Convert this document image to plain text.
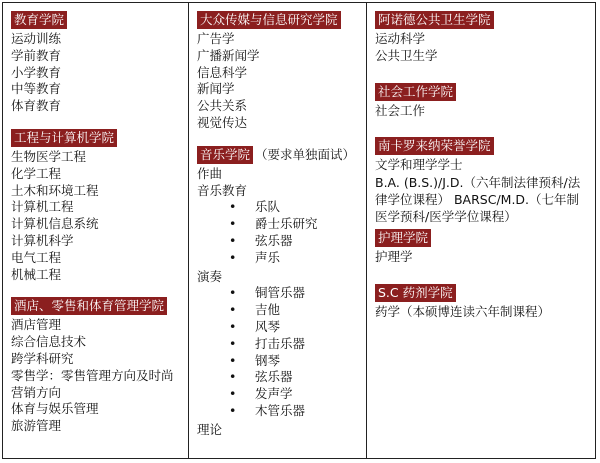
教育学院
运动训练
学前教育
小学教育
中等教育
体育教育
工程与计算机学院
生物医学工程
化学工程
土木和环境工程
计算机工程
计算机信息系统
计算机科学
电气工程
机械工程
酒店、零售和体育管理学院
酒店管理
综合信息技术
跨学科研究
零售学：零售管理方向及时尚营销方向
体育与娱乐管理
旅游管理
大众传媒与信息研究学院
广告学
广播新闻学
信息科学
新闻学
公共关系
视觉传达
音乐学院 （要求单独面试）
作曲
音乐教育
• 乐队
• 爵士乐研究
• 弦乐器
• 声乐
演奏
• 铜管乐器
• 吉他
• 风琴
• 打击乐器
• 钢琴
• 弦乐器
• 发声学
• 木管乐器
理论
阿诺德公共卫生学院
运动科学
公共卫生学
社会工作学院
社会工作
南卡罗来纳荣誉学院
文学和理学学士
B.A. (B.S.)/J.D.（六年制法律预科/法律学位课程） BARSC/M.D.（七年制医学预科/医学学位课程）
护理学院
护理学
S.C 药剂学院
药学（本硕博连读六年制课程）
